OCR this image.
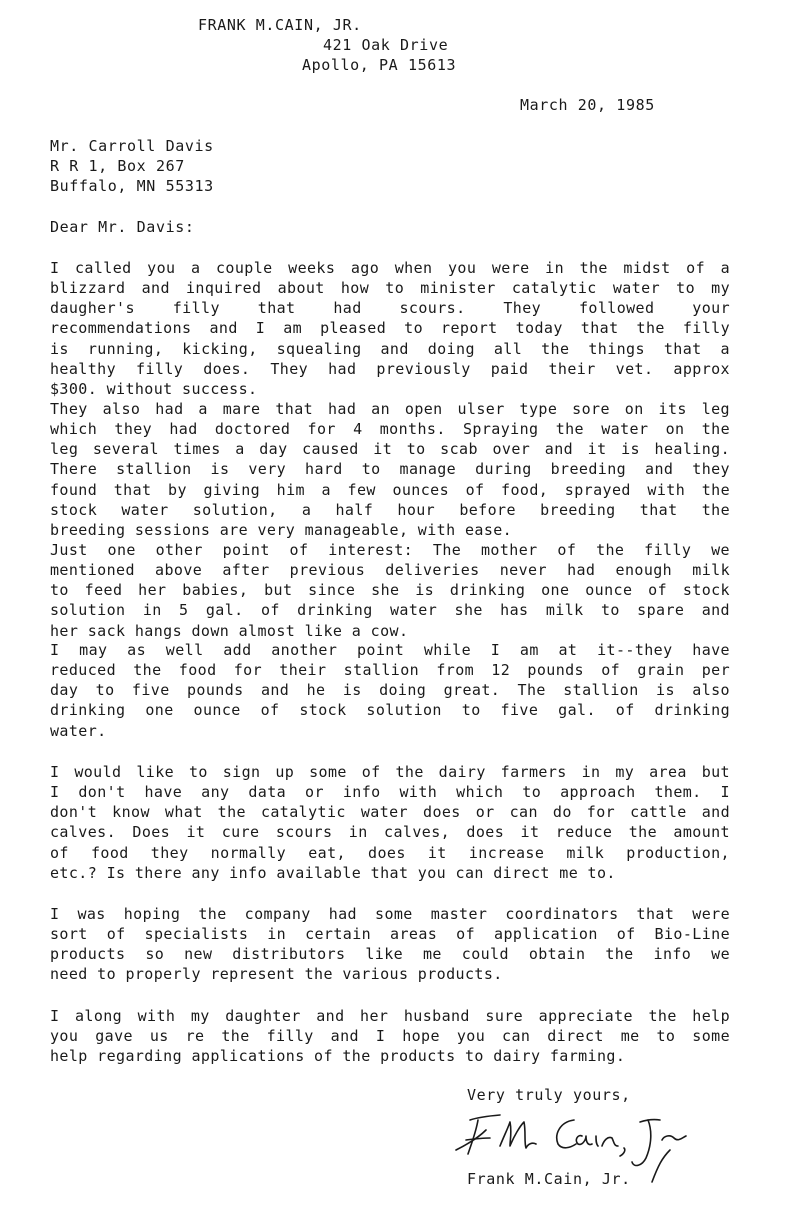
FRANK M.CAIN, JR.
421 Oak Drive
Apollo, PA 15613
March 20, 1985
Mr. Carroll Davis
R R 1, Box 267
Buffalo, MN 55313
Dear Mr. Davis:
I called you a couple weeks ago when you were in the midst of a
blizzard and inquired about how to minister catalytic water to my
daugher's filly that had scours. They followed your
recommendations and I am pleased to report today that the filly
is running, kicking, squealing and doing all the things that a
healthy filly does. They had previously paid their vet. approx
$300. without success.
They also had a mare that had an open ulser type sore on its leg
which they had doctored for 4 months. Spraying the water on the
leg several times a day caused it to scab over and it is healing.
There stallion is very hard to manage during breeding and they
found that by giving him a few ounces of food, sprayed with the
stock water solution, a half hour before breeding that the
breeding sessions are very manageable, with ease.
Just one other point of interest: The mother of the filly we
mentioned above after previous deliveries never had enough milk
to feed her babies, but since she is drinking one ounce of stock
solution in 5 gal. of drinking water she has milk to spare and
her sack hangs down almost like a cow.
I may as well add another point while I am at it--they have
reduced the food for their stallion from 12 pounds of grain per
day to five pounds and he is doing great. The stallion is also
drinking one ounce of stock solution to five gal. of drinking
water.
I would like to sign up some of the dairy farmers in my area but
I don't have any data or info with which to approach them. I
don't know what the catalytic water does or can do for cattle and
calves. Does it cure scours in calves, does it reduce the amount
of food they normally eat, does it increase milk production,
etc.? Is there any info available that you can direct me to.
I was hoping the company had some master coordinators that were
sort of specialists in certain areas of application of Bio-Line
products so new distributors like me could obtain the info we
need to properly represent the various products.
I along with my daughter and her husband sure appreciate the help
you gave us re the filly and I hope you can direct me to some
help regarding applications of the products to dairy farming.
Very truly yours,
Frank M.Cain, Jr.
